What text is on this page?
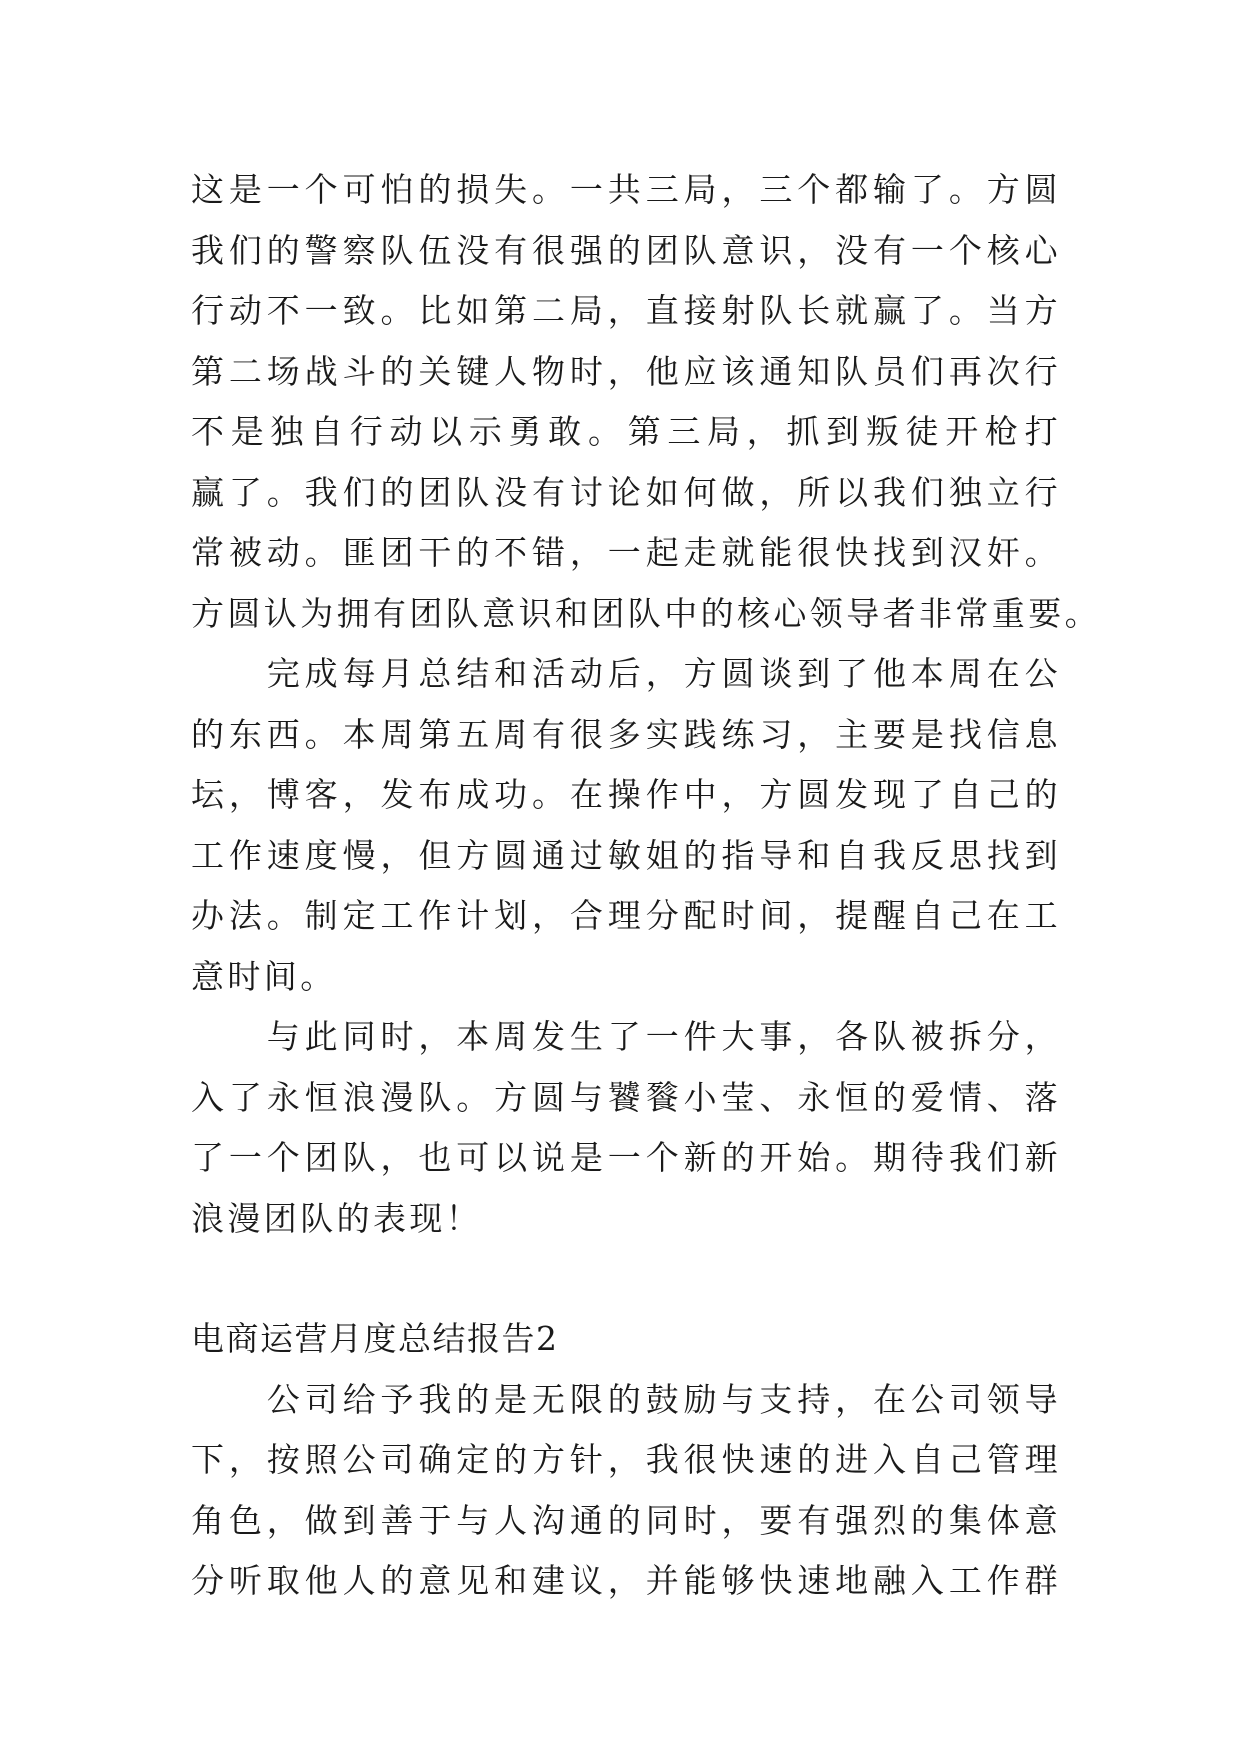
这是一个可怕的损失。一共三局，三个都输了。方圆
我们的警察队伍没有很强的团队意识，没有一个核心
行动不一致。比如第二局，直接射队长就赢了。当方
第二场战斗的关键人物时，他应该通知队员们再次行
不是独自行动以示勇敢。第三局，抓到叛徒开枪打
赢了。我们的团队没有讨论如何做，所以我们独立行
常被动。匪团干的不错，一起走就能很快找到汉奸。
方圆认为拥有团队意识和团队中的核心领导者非常重要。
　　完成每月总结和活动后，方圆谈到了他本周在公
的东西。本周第五周有很多实践练习，主要是找信息
坛，博客，发布成功。在操作中，方圆发现了自己的
工作速度慢，但方圆通过敏姐的指导和自我反思找到
办法。制定工作计划，合理分配时间，提醒自己在工
意时间。
　　与此同时，本周发生了一件大事，各队被拆分，
入了永恒浪漫队。方圆与饕餮小莹、永恒的爱情、落
了一个团队，也可以说是一个新的开始。期待我们新
浪漫团队的表现！
电商运营月度总结报告2
　　公司给予我的是无限的鼓励与支持，在公司领导
下，按照公司确定的方针，我很快速的进入自己管理
角色，做到善于与人沟通的同时，要有强烈的集体意
分听取他人的意见和建议，并能够快速地融入工作群
